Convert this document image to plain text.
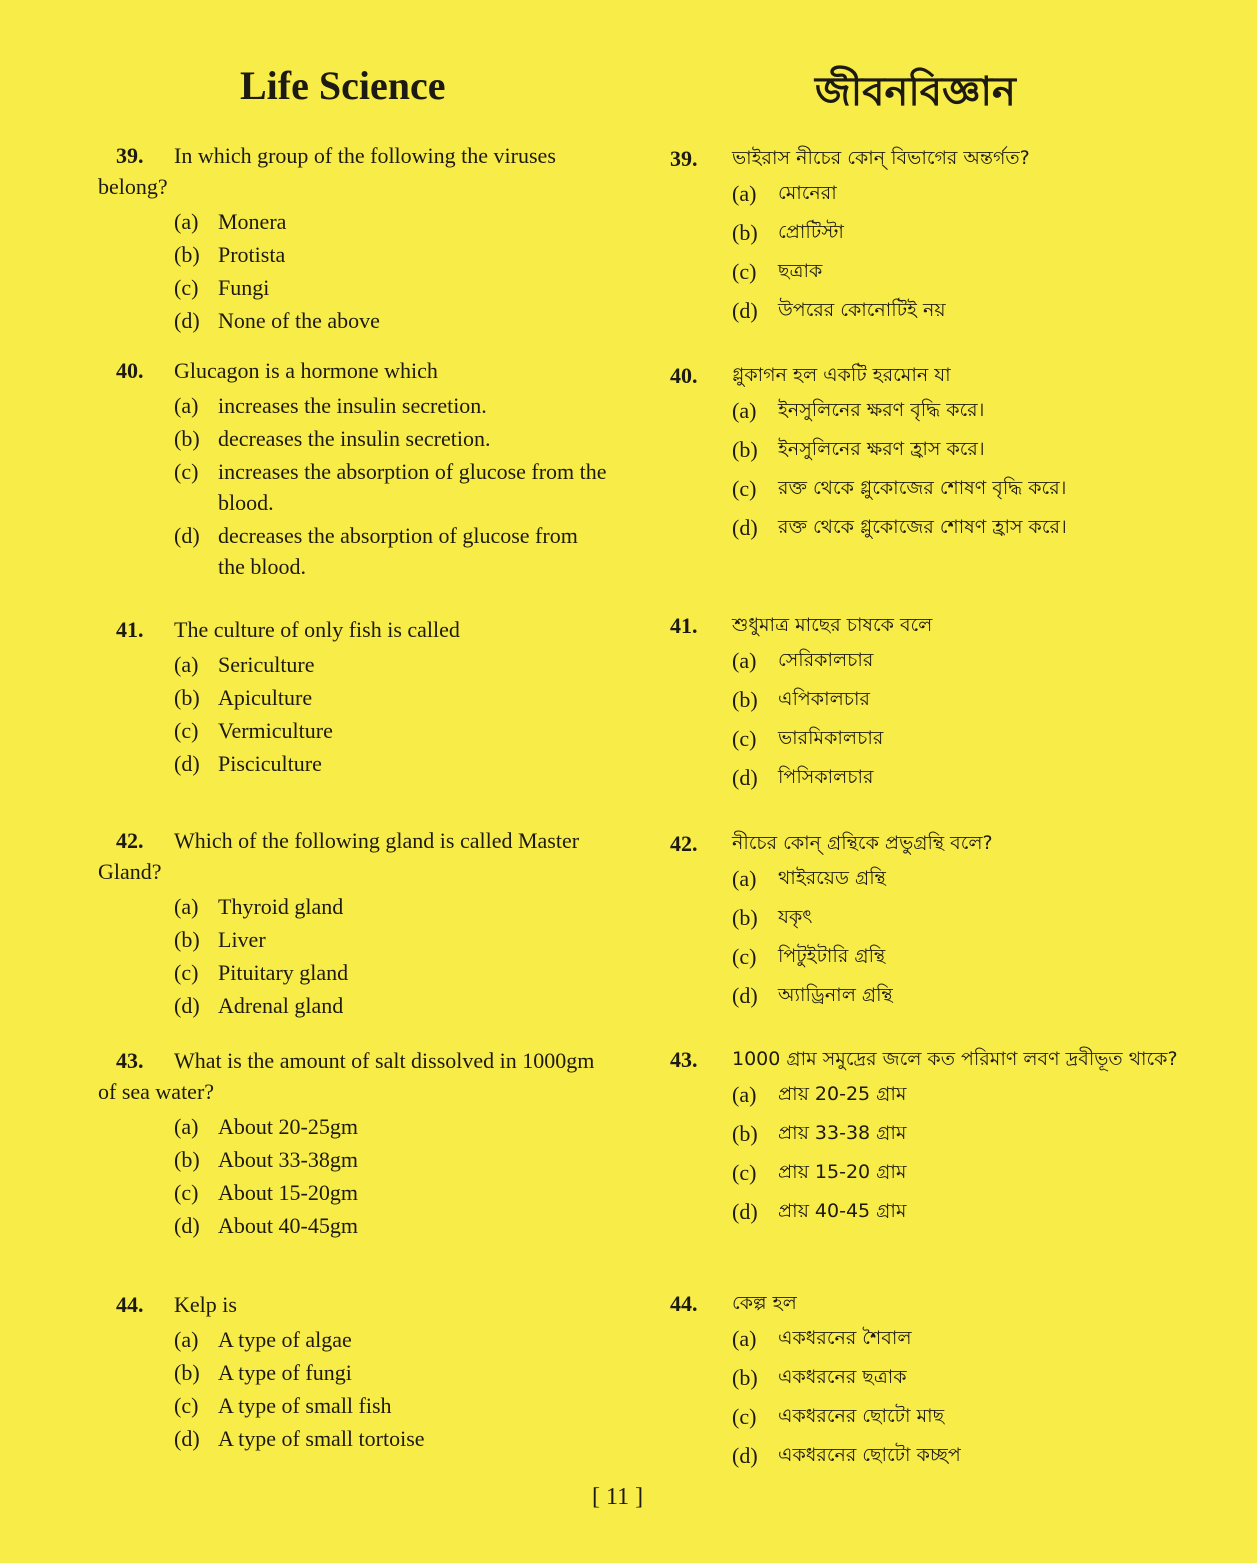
Life Science	জীবনবিজ্ঞান
39. In which group of the following the viruses belong?
(a) Monera
(b) Protista
(c) Fungi
(d) None of the above
40. Glucagon is a hormone which
(a) increases the insulin secretion.
(b) decreases the insulin secretion.
(c) increases the absorption of glucose from the blood.
(d) decreases the absorption of glucose from the blood.
41. The culture of only fish is called
(a) Sericulture
(b) Apiculture
(c) Vermiculture
(d) Pisciculture
42. Which of the following gland is called Master Gland?
(a) Thyroid gland
(b) Liver
(c) Pituitary gland
(d) Adrenal gland
43. What is the amount of salt dissolved in 1000gm of sea water?
(a) About 20-25gm
(b) About 33-38gm
(c) About 15-20gm
(d) About 40-45gm
44. Kelp is
(a) A type of algae
(b) A type of fungi
(c) A type of small fish
(d) A type of small tortoise
39. ভাইরাস নীচের কোন্ বিভাগের অন্তর্গত?
(a) মোনেরা
(b) প্রোটিস্টা
(c) ছত্রাক
(d) উপরের কোনোটিই নয়
40. গ্লুকাগন হল একটি হরমোন যা
(a) ইনসুলিনের ক্ষরণ বৃদ্ধি করে।
(b) ইনসুলিনের ক্ষরণ হ্রাস করে।
(c) রক্ত থেকে গ্লুকোজের শোষণ বৃদ্ধি করে।
(d) রক্ত থেকে গ্লুকোজের শোষণ হ্রাস করে।
41. শুধুমাত্র মাছের চাষকে বলে
(a) সেরিকালচার
(b) এপিকালচার
(c) ভারমিকালচার
(d) পিসিকালচার
42. নীচের কোন্ গ্রন্থিকে প্রভুগ্রন্থি বলে?
(a) থাইরয়েড গ্রন্থি
(b) যকৃৎ
(c) পিটুইটারি গ্রন্থি
(d) অ্যাড্রিনাল গ্রন্থি
43. 1000 গ্রাম সমুদ্রের জলে কত পরিমাণ লবণ দ্রবীভূত থাকে?
(a) প্রায় 20-25 গ্রাম
(b) প্রায় 33-38 গ্রাম
(c) প্রায় 15-20 গ্রাম
(d) প্রায় 40-45 গ্রাম
44. কেল্প হল
(a) একধরনের শৈবাল
(b) একধরনের ছত্রাক
(c) একধরনের ছোটো মাছ
(d) একধরনের ছোটো কচ্ছপ
[ 11 ]
